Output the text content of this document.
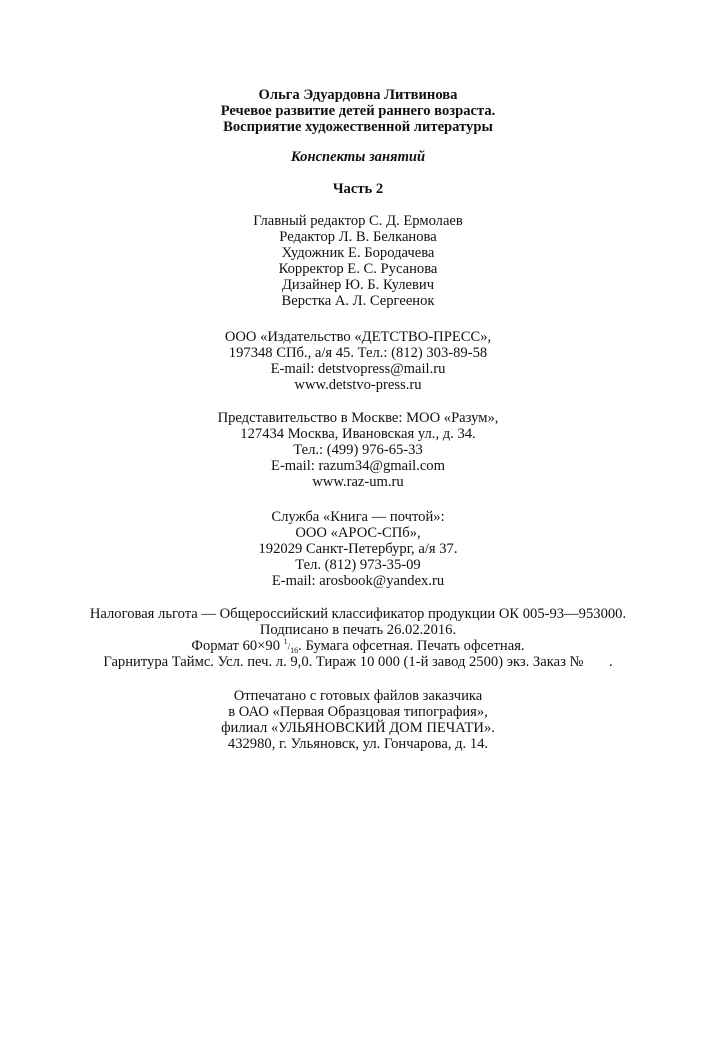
Ольга Эдуардовна Литвинова
Речевое развитие детей раннего возраста.
Восприятие художественной литературы
Конспекты занятий
Часть 2
Главный редактор С. Д. Ермолаев
Редактор Л. В. Белканова
Художник Е. Бородачева
Корректор Е. С. Русанова
Дизайнер Ю. Б. Кулевич
Верстка А. Л. Сергеенок
ООО «Издательство «ДЕТСТВО-ПРЕСС»,
197348 СПб., а/я 45. Тел.: (812) 303-89-58
E-mail: detstvopress@mail.ru
www.detstvo-press.ru
Представительство в Москве: МОО «Разум»,
127434 Москва, Ивановская ул., д. 34.
Тел.: (499) 976-65-33
E-mail: razum34@gmail.com
www.raz-um.ru
Служба «Книга — почтой»:
ООО «АРОС-СПб»,
192029 Санкт-Петербург, а/я 37.
Тел. (812) 973-35-09
E-mail: arosbook@yandex.ru
Налоговая льгота — Общероссийский классификатор продукции ОК 005-93—953000.
Подписано в печать 26.02.2016.
Формат 60×90 $^1/_{16}$. Бумага офсетная. Печать офсетная.
Гарнитура Таймс. Усл. печ. л. 9,0. Тираж 10 000 (1-й завод 2500) экз. Заказ №       .
Отпечатано с готовых файлов заказчика
в ОАО «Первая Образцовая типография»,
филиал «УЛЬЯНОВСКИЙ ДОМ ПЕЧАТИ».
432980, г. Ульяновск, ул. Гончарова, д. 14.
